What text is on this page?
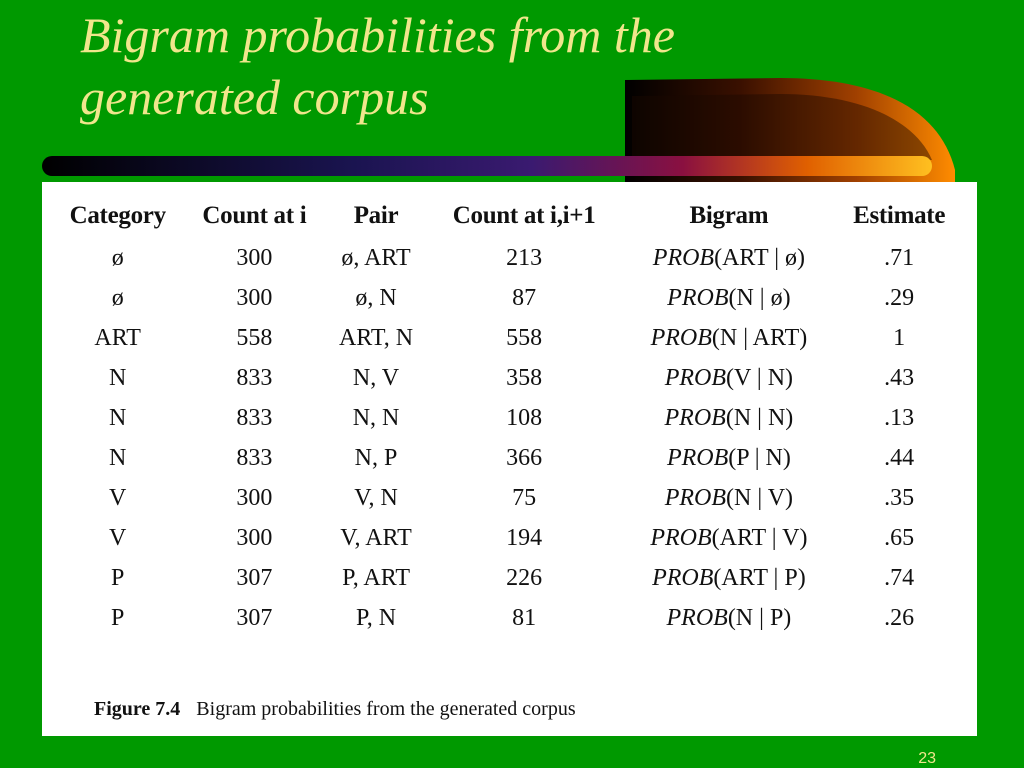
Bigram probabilities from the generated corpus
Category	Count at i	Pair	Count at i,i+1	Bigram	Estimate
ø	300	ø, ART	213	PROB(ART | ø)	.71
ø	300	ø, N	87	PROB(N | ø)	.29
ART	558	ART, N	558	PROB(N | ART)	1
N	833	N, V	358	PROB(V | N)	.43
N	833	N, N	108	PROB(N | N)	.13
N	833	N, P	366	PROB(P | N)	.44
V	300	V, N	75	PROB(N | V)	.35
V	300	V, ART	194	PROB(ART | V)	.65
P	307	P, ART	226	PROB(ART | P)	.74
P	307	P, N	81	PROB(N | P)	.26
Figure 7.4 Bigram probabilities from the generated corpus
23
